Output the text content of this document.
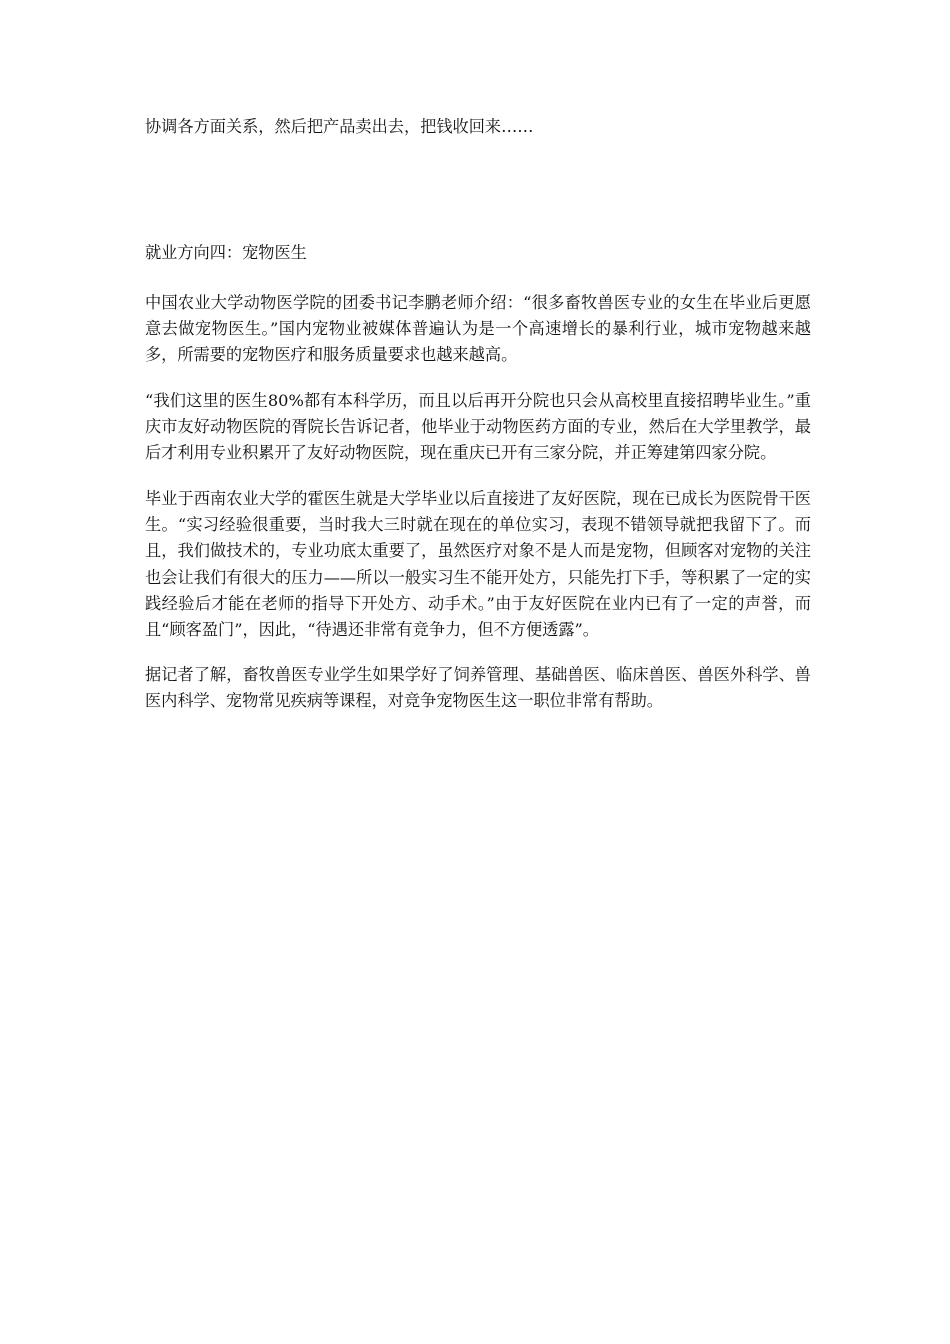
协调各方面关系，然后把产品卖出去，把钱收回来……

就业方向四：宠物医生

中国农业大学动物医学院的团委书记李鹏老师介绍：“很多畜牧兽医专业的女生在毕业后更愿意去做宠物医生。”国内宠物业被媒体普遍认为是一个高速增长的暴利行业，城市宠物越来越多，所需要的宠物医疗和服务质量要求也越来越高。

“我们这里的医生80%都有本科学历，而且以后再开分院也只会从高校里直接招聘毕业生。”重庆市友好动物医院的胥院长告诉记者，他毕业于动物医药方面的专业，然后在大学里教学，最后才利用专业积累开了友好动物医院，现在重庆已开有三家分院，并正筹建第四家分院。

毕业于西南农业大学的霍医生就是大学毕业以后直接进了友好医院，现在已成长为医院骨干医生。“实习经验很重要，当时我大三时就在现在的单位实习，表现不错领导就把我留下了。而且，我们做技术的，专业功底太重要了，虽然医疗对象不是人而是宠物，但顾客对宠物的关注也会让我们有很大的压力——所以一般实习生不能开处方，只能先打下手，等积累了一定的实践经验后才能在老师的指导下开处方、动手术。”由于友好医院在业内已有了一定的声誉，而且“顾客盈门”，因此，“待遇还非常有竞争力，但不方便透露”。

据记者了解，畜牧兽医专业学生如果学好了饲养管理、基础兽医、临床兽医、兽医外科学、兽医内科学、宠物常见疾病等课程，对竞争宠物医生这一职位非常有帮助。
